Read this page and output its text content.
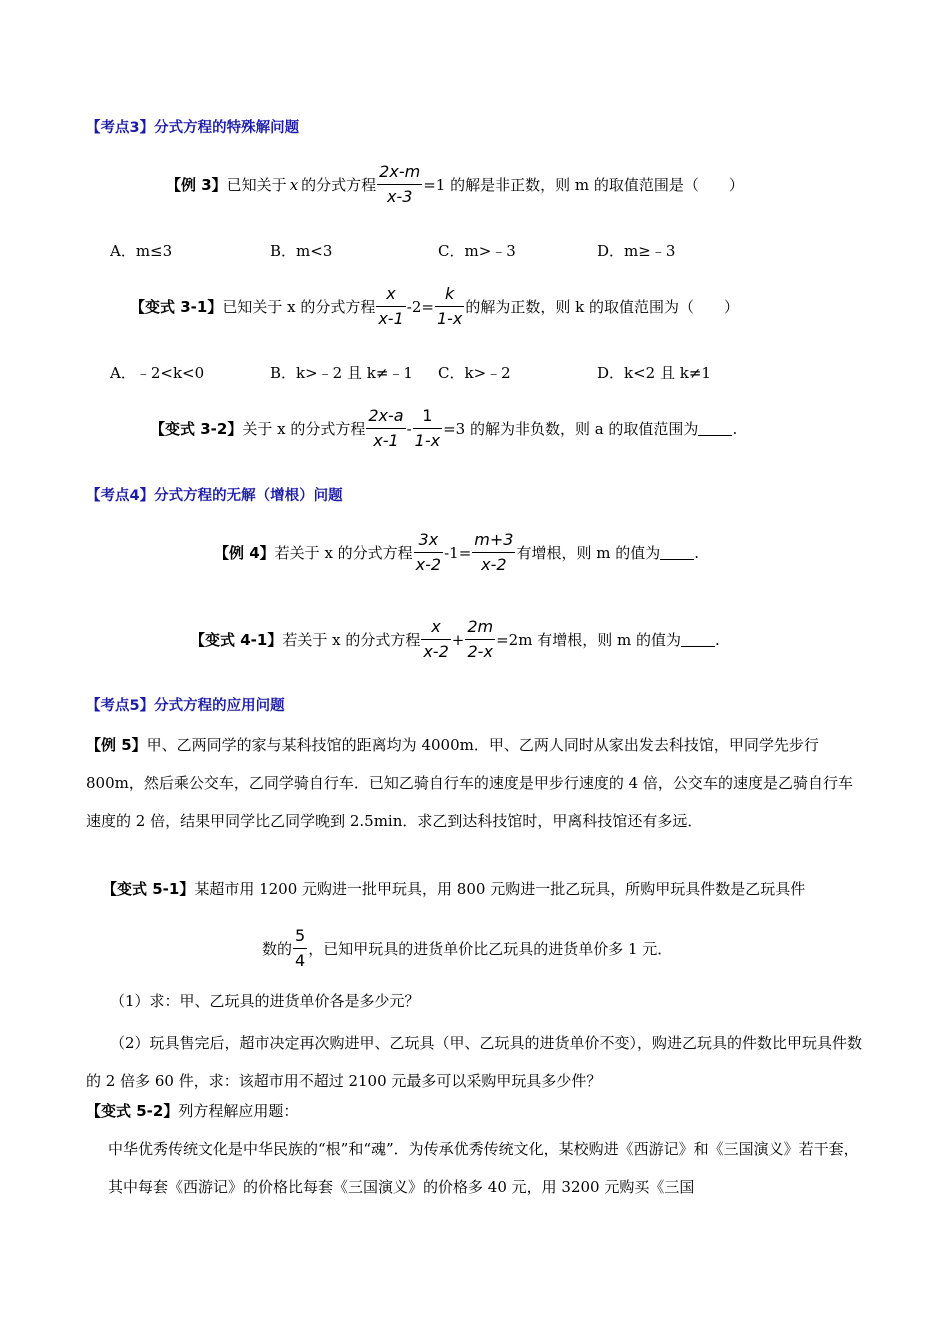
【考点3】分式方程的特殊解问题
【例 3】 已知关于 x 的分式方程 $\frac{2x-m}{x-3} =1$ 的解是非正数，则 m 的取值范围是（　　）
A．m≤3	B．m<3	C．m>﹣3	D．m≥﹣3
【变式 3-1】 已知关于 x 的分式方程 $\frac{x}{x-1} -2= \frac{k}{1-x}$ 的解为正数，则 k 的取值范围为（　　）
A．﹣2<k<0	B．k>﹣2 且 k≠﹣1 C．k>﹣2	D．k<2 且 k≠1
【变式 3-2】 关于 x 的分式方程 $\frac{2x-a}{x-1} - \frac{1}{1-x} =3$ 的解为非负数，则 a 的取值范围为 .
【考点4】分式方程的无解（增根）问题
【例 4】 若关于 x 的分式方程 $\frac{3x}{x-2} -1= \frac{m+3}{x-2}$ 有增根，则 m 的值为 .
【变式 4-1】 若关于 x 的分式方程 $\frac{x}{x-2} + \frac{2m}{2-x} =2m$ 有增根，则 m 的值为 .
【考点5】分式方程的应用问题
【例 5】甲、乙两同学的家与某科技馆的距离均为 4000m．甲、乙两人同时从家出发去科技馆，甲同学先步行 800m，然后乘公交车，乙同学骑自行车．已知乙骑自行车的速度是甲步行速度的 4 倍，公交车的速度是乙骑自行车速度的 2 倍，结果甲同学比乙同学晚到 2.5min．求乙到达科技馆时，甲离科技馆还有多远．
【变式 5-1】某超市用 1200 元购进一批甲玩具，用 800 元购进一批乙玩具，所购甲玩具件数是乙玩具件
数的 $\frac{5}{4}$ ，已知甲玩具的进货单价比乙玩具的进货单价多 1 元．
（1）求：甲、乙玩具的进货单价各是多少元？
（2）玩具售完后，超市决定再次购进甲、乙玩具（甲、乙玩具的进货单价不变），购进乙玩具的件数比甲玩具件数的 2 倍多 60 件，求：该超市用不超过 2100 元最多可以采购甲玩具多少件？
【变式 5-2】列方程解应用题：
中华优秀传统文化是中华民族的“根”和“魂”．为传承优秀传统文化，某校购进《西游记》和《三国演义》若干套，其中每套《西游记》的价格比每套《三国演义》的价格多 40 元，用 3200 元购买《三国
